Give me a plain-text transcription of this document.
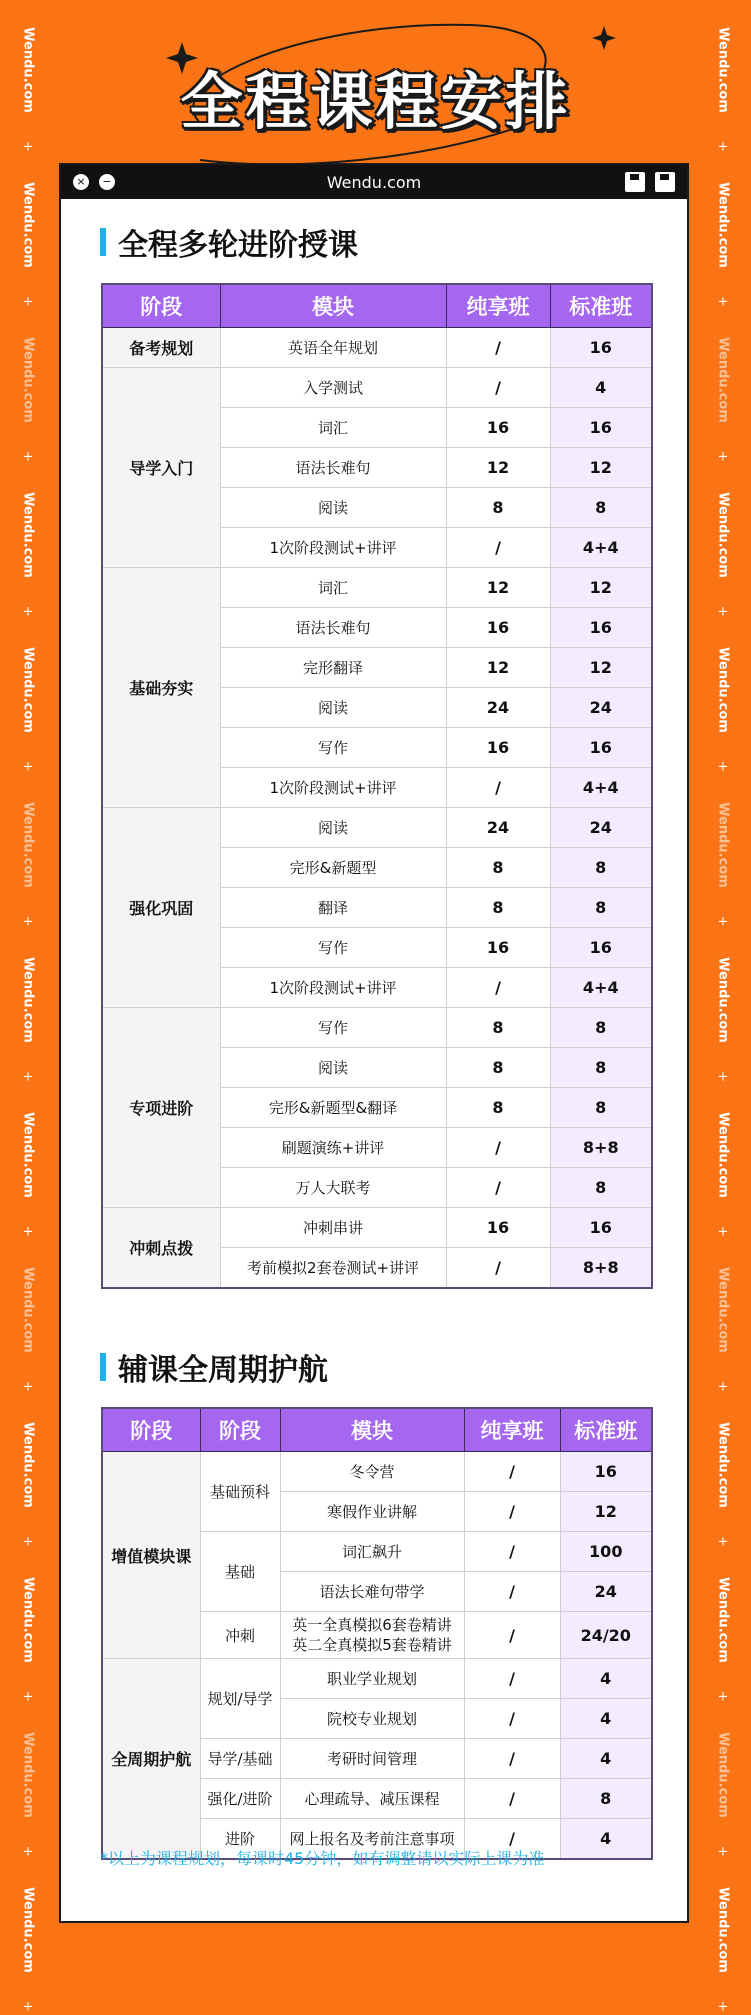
Wendu.com
+
Wendu.com
+
Wendu.com
+
Wendu.com
+
Wendu.com
+
Wendu.com
+
Wendu.com
+
Wendu.com
+
Wendu.com
+
Wendu.com
+
Wendu.com
+
Wendu.com
+
Wendu.com
+
Wendu.com
+
Wendu.com
+
Wendu.com
+
Wendu.com
+
Wendu.com
+
Wendu.com
+
Wendu.com
+
Wendu.com
+
Wendu.com
+
Wendu.com
+
Wendu.com
+
Wendu.com
+
Wendu.com
+
全程课程安排
×	−	Wendu.com
全程多轮进阶授课
阶段	模块	纯享班	标准班
备考规划	英语全年规划	/	16
导学入门	入学测试	/	4
	词汇	16	16
	语法长难句	12	12
	阅读	8	8
	1次阶段测试+讲评	/	4+4
基础夯实	词汇	12	12
	语法长难句	16	16
	完形翻译	12	12
	阅读	24	24
	写作	16	16
	1次阶段测试+讲评	/	4+4
强化巩固	阅读	24	24
	完形&新题型	8	8
	翻译	8	8
	写作	16	16
	1次阶段测试+讲评	/	4+4
专项进阶	写作	8	8
	阅读	8	8
	完形&新题型&翻译	8	8
	刷题演练+讲评	/	8+8
	万人大联考	/	8
冲刺点拨	冲刺串讲	16	16
	考前模拟2套卷测试+讲评	/	8+8
辅课全周期护航
阶段	阶段	模块	纯享班	标准班
增值模块课	基础预科	冬令营	/	16
		寒假作业讲解	/	12
	基础	词汇飙升	/	100
		语法长难句带学	/	24
	冲刺	英一全真模拟6套卷精讲
英二全真模拟5套卷精讲	/	24/20
全周期护航	规划/导学	职业学业规划	/	4
		院校专业规划	/	4
	导学/基础	考研时间管理	/	4
	强化/进阶	心理疏导、减压课程	/	8
	进阶	网上报名及考前注意事项	/	4
*以上为课程规划，每课时45分钟，如有调整请以实际上课为准
